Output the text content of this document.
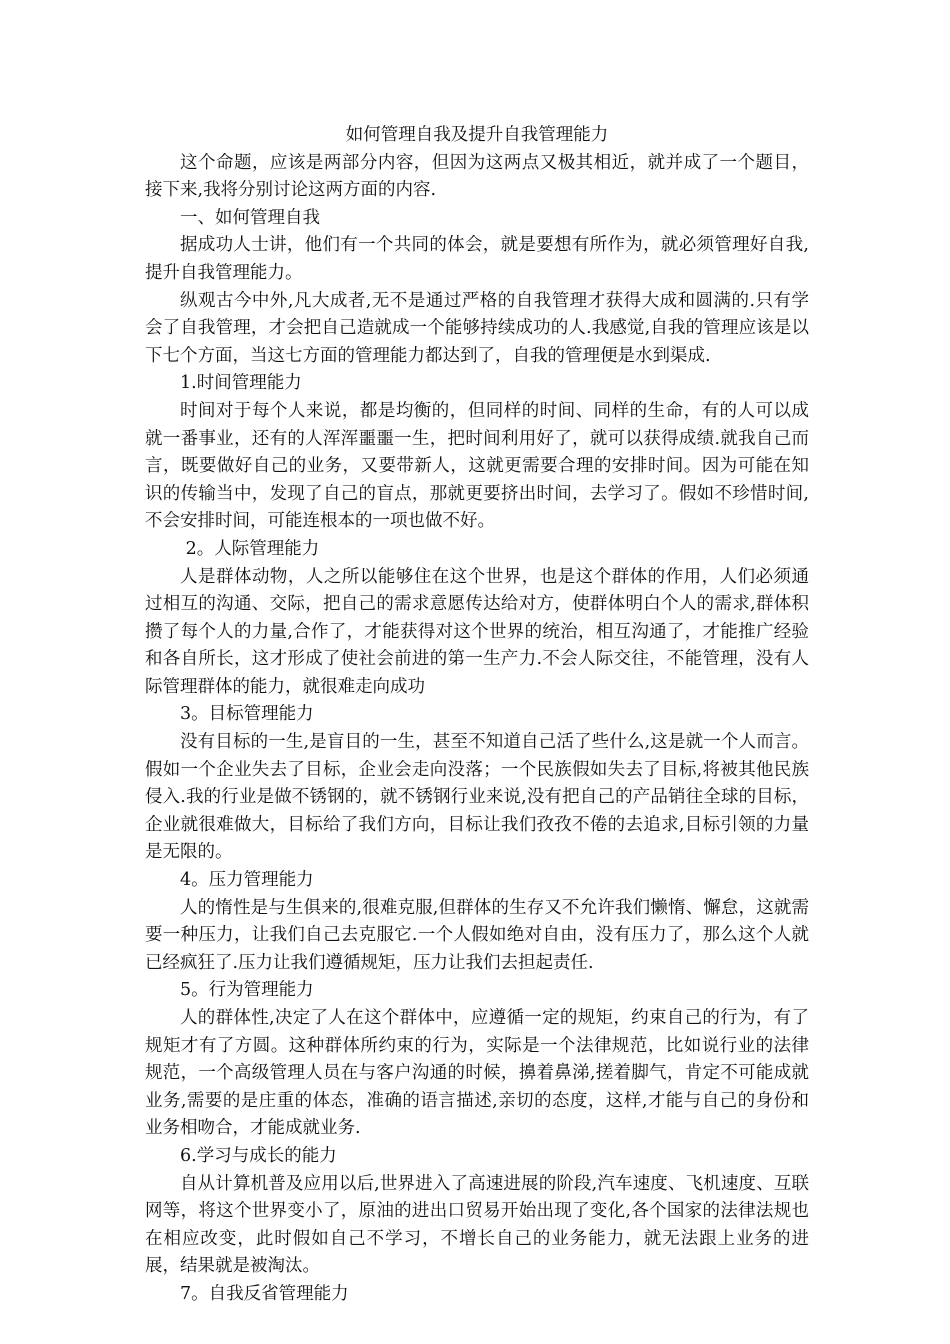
如何管理自我及提升自我管理能力

这个命题，应该是两部分内容，但因为这两点又极其相近，就并成了一个题目，接下来,我将分别讨论这两方面的内容.

一、如何管理自我

据成功人士讲，他们有一个共同的体会，就是要想有所作为，就必须管理好自我,提升自我管理能力。

纵观古今中外,凡大成者,无不是通过严格的自我管理才获得大成和圆满的.只有学会了自我管理，才会把自己造就成一个能够持续成功的人.我感觉,自我的管理应该是以下七个方面，当这七方面的管理能力都达到了，自我的管理便是水到渠成.

1.时间管理能力

时间对于每个人来说，都是均衡的，但同样的时间、同样的生命，有的人可以成就一番事业，还有的人浑浑噩噩一生，把时间利用好了，就可以获得成绩.就我自己而言，既要做好自己的业务，又要带新人，这就更需要合理的安排时间。因为可能在知识的传输当中，发现了自己的盲点，那就更要挤出时间，去学习了。假如不珍惜时间,不会安排时间，可能连根本的一项也做不好。

2。人际管理能力

人是群体动物，人之所以能够住在这个世界，也是这个群体的作用，人们必须通过相互的沟通、交际，把自己的需求意愿传达给对方，使群体明白个人的需求,群体积攒了每个人的力量,合作了，才能获得对这个世界的统治，相互沟通了，才能推广经验和各自所长，这才形成了使社会前进的第一生产力.不会人际交往，不能管理，没有人际管理群体的能力，就很难走向成功

3。目标管理能力

没有目标的一生,是盲目的一生，甚至不知道自己活了些什么,这是就一个人而言。假如一个企业失去了目标，企业会走向没落；一个民族假如失去了目标,将被其他民族侵入.我的行业是做不锈钢的，就不锈钢行业来说,没有把自己的产品销往全球的目标，企业就很难做大，目标给了我们方向，目标让我们孜孜不倦的去追求,目标引领的力量是无限的。

4。压力管理能力

人的惰性是与生俱来的,很难克服,但群体的生存又不允许我们懒惰、懈怠，这就需要一种压力，让我们自己去克服它.一个人假如绝对自由，没有压力了，那么这个人就已经疯狂了.压力让我们遵循规矩，压力让我们去担起责任.

5。行为管理能力

人的群体性,决定了人在这个群体中，应遵循一定的规矩，约束自己的行为，有了规矩才有了方圆。这种群体所约束的行为，实际是一个法律规范，比如说行业的法律规范，一个高级管理人员在与客户沟通的时候，擤着鼻涕,搓着脚气，肯定不可能成就业务,需要的是庄重的体态，准确的语言描述,亲切的态度，这样,才能与自己的身份和业务相吻合，才能成就业务.

6.学习与成长的能力

自从计算机普及应用以后,世界进入了高速进展的阶段,汽车速度、飞机速度、互联网等，将这个世界变小了，原油的进出口贸易开始出现了变化,各个国家的法律法规也在相应改变，此时假如自己不学习，不增长自己的业务能力，就无法跟上业务的进展，结果就是被淘汰。

7。自我反省管理能力
